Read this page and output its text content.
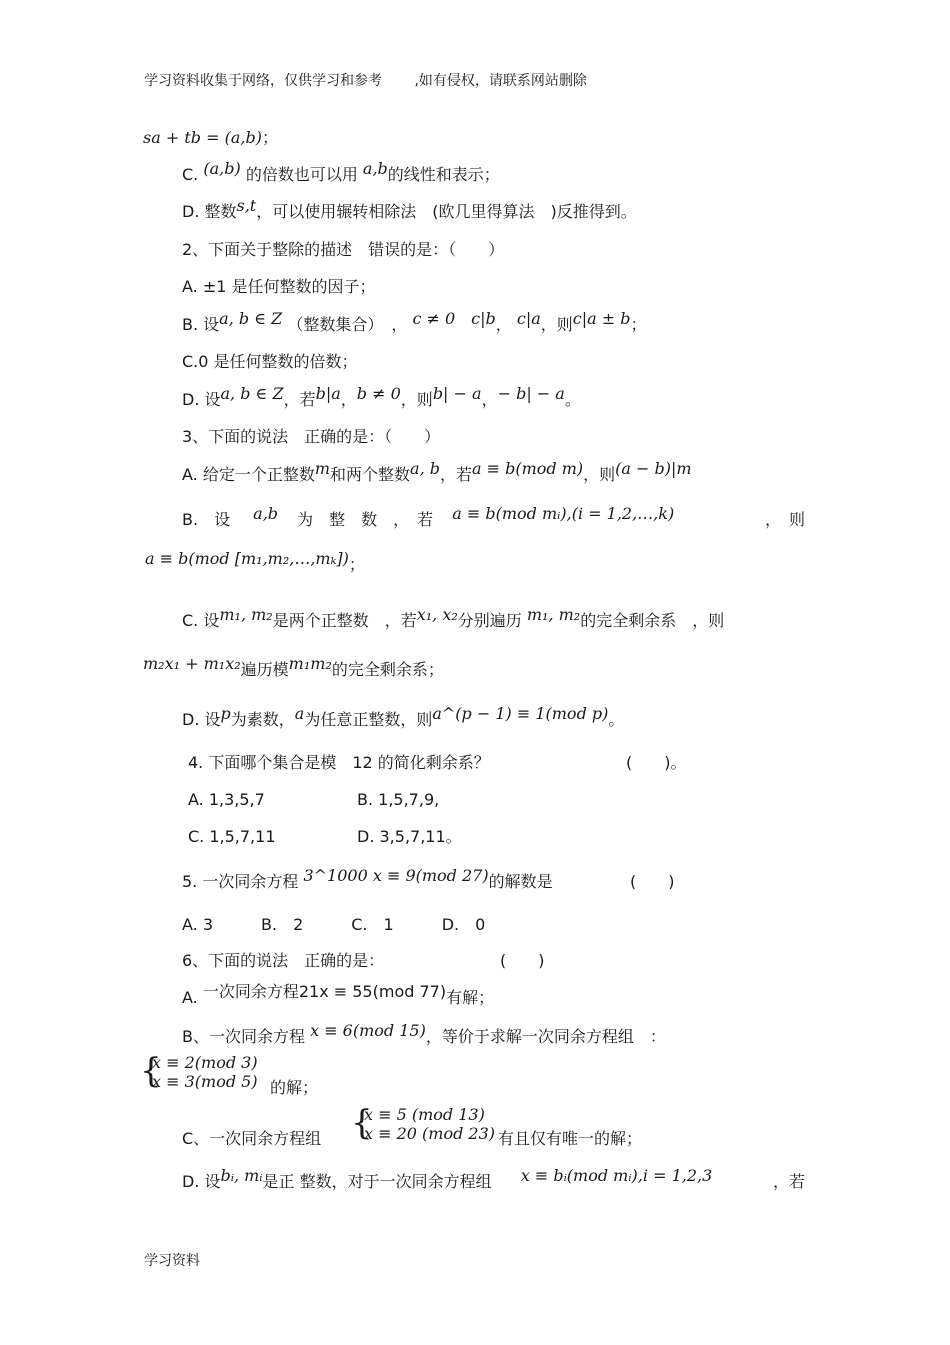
学习资料收集于网络，仅供学习和参考 　　,如有侵权，请联系网站删除
sa + tb = (a,b)；
C. (a,b) 的倍数也可以用 a,b的线性和表示；
D. 整数s,t，可以使用辗转相除法　(欧几里得算法　)反推得到。
2、下面关于整除的描述　错误的是：（　　）
A. ±1 是任何整数的因子；
B. 设a, b ∈ Z （整数集合）　， c ≠ 0　c|b， c|a，则c|a ± b；
C.0 是任何整数的倍数；
D. 设a, b ∈ Z，若b|a，b ≠ 0，则b| − a，− b| − a。
3、下面的说法　正确的是：（　　）
A. 给定一个正整数m和两个整数a, b，若a ≡ b(mod m)，则(a − b)|m
B.　设 a,b 为　整　数　，　若 a ≡ b(mod mᵢ),(i = 1,2,…,k)	，　则
a ≡ b(mod [m₁,m₂,…,mₖ])；
C. 设m₁, m₂是两个正整数　，若x₁, x₂分别遍历 m₁, m₂的完全剩余系　，则
m₂x₁ + m₁x₂遍历模m₁m₂的完全剩余系；
D. 设p为素数，a为任意正整数，则a^(p − 1) ≡ 1(mod p)。
4. 下面哪个集合是模　12 的简化剩余系？	(　　)。
A. 1,3,5,7	B. 1,5,7,9,
C. 1,5,7,11	D. 3,5,7,11。
5. 一次同余方程 3^1000 x ≡ 9(mod 27)的解数是	(　　)
A. 3　　　B.　2　　　C.　1　　　D.　0
6、下面的说法　正确的是：	(　　)
A. 一次同余方程21x ≡ 55(mod 77)有解；
B、一次同余方程 x ≡ 6(mod 15)，等价于求解一次同余方程组　：
{
x ≡ 2(mod 3)
x ≡ 3(mod 5) 的解；
C、一次同余方程组 {
x ≡ 5 (mod 13)
x ≡ 20 (mod 23) 有且仅有唯一的解；
D. 设bᵢ, mᵢ是正 整数，对于一次同余方程组 x ≡ bᵢ(mod mᵢ),i = 1,2,3	，若
学习资料
